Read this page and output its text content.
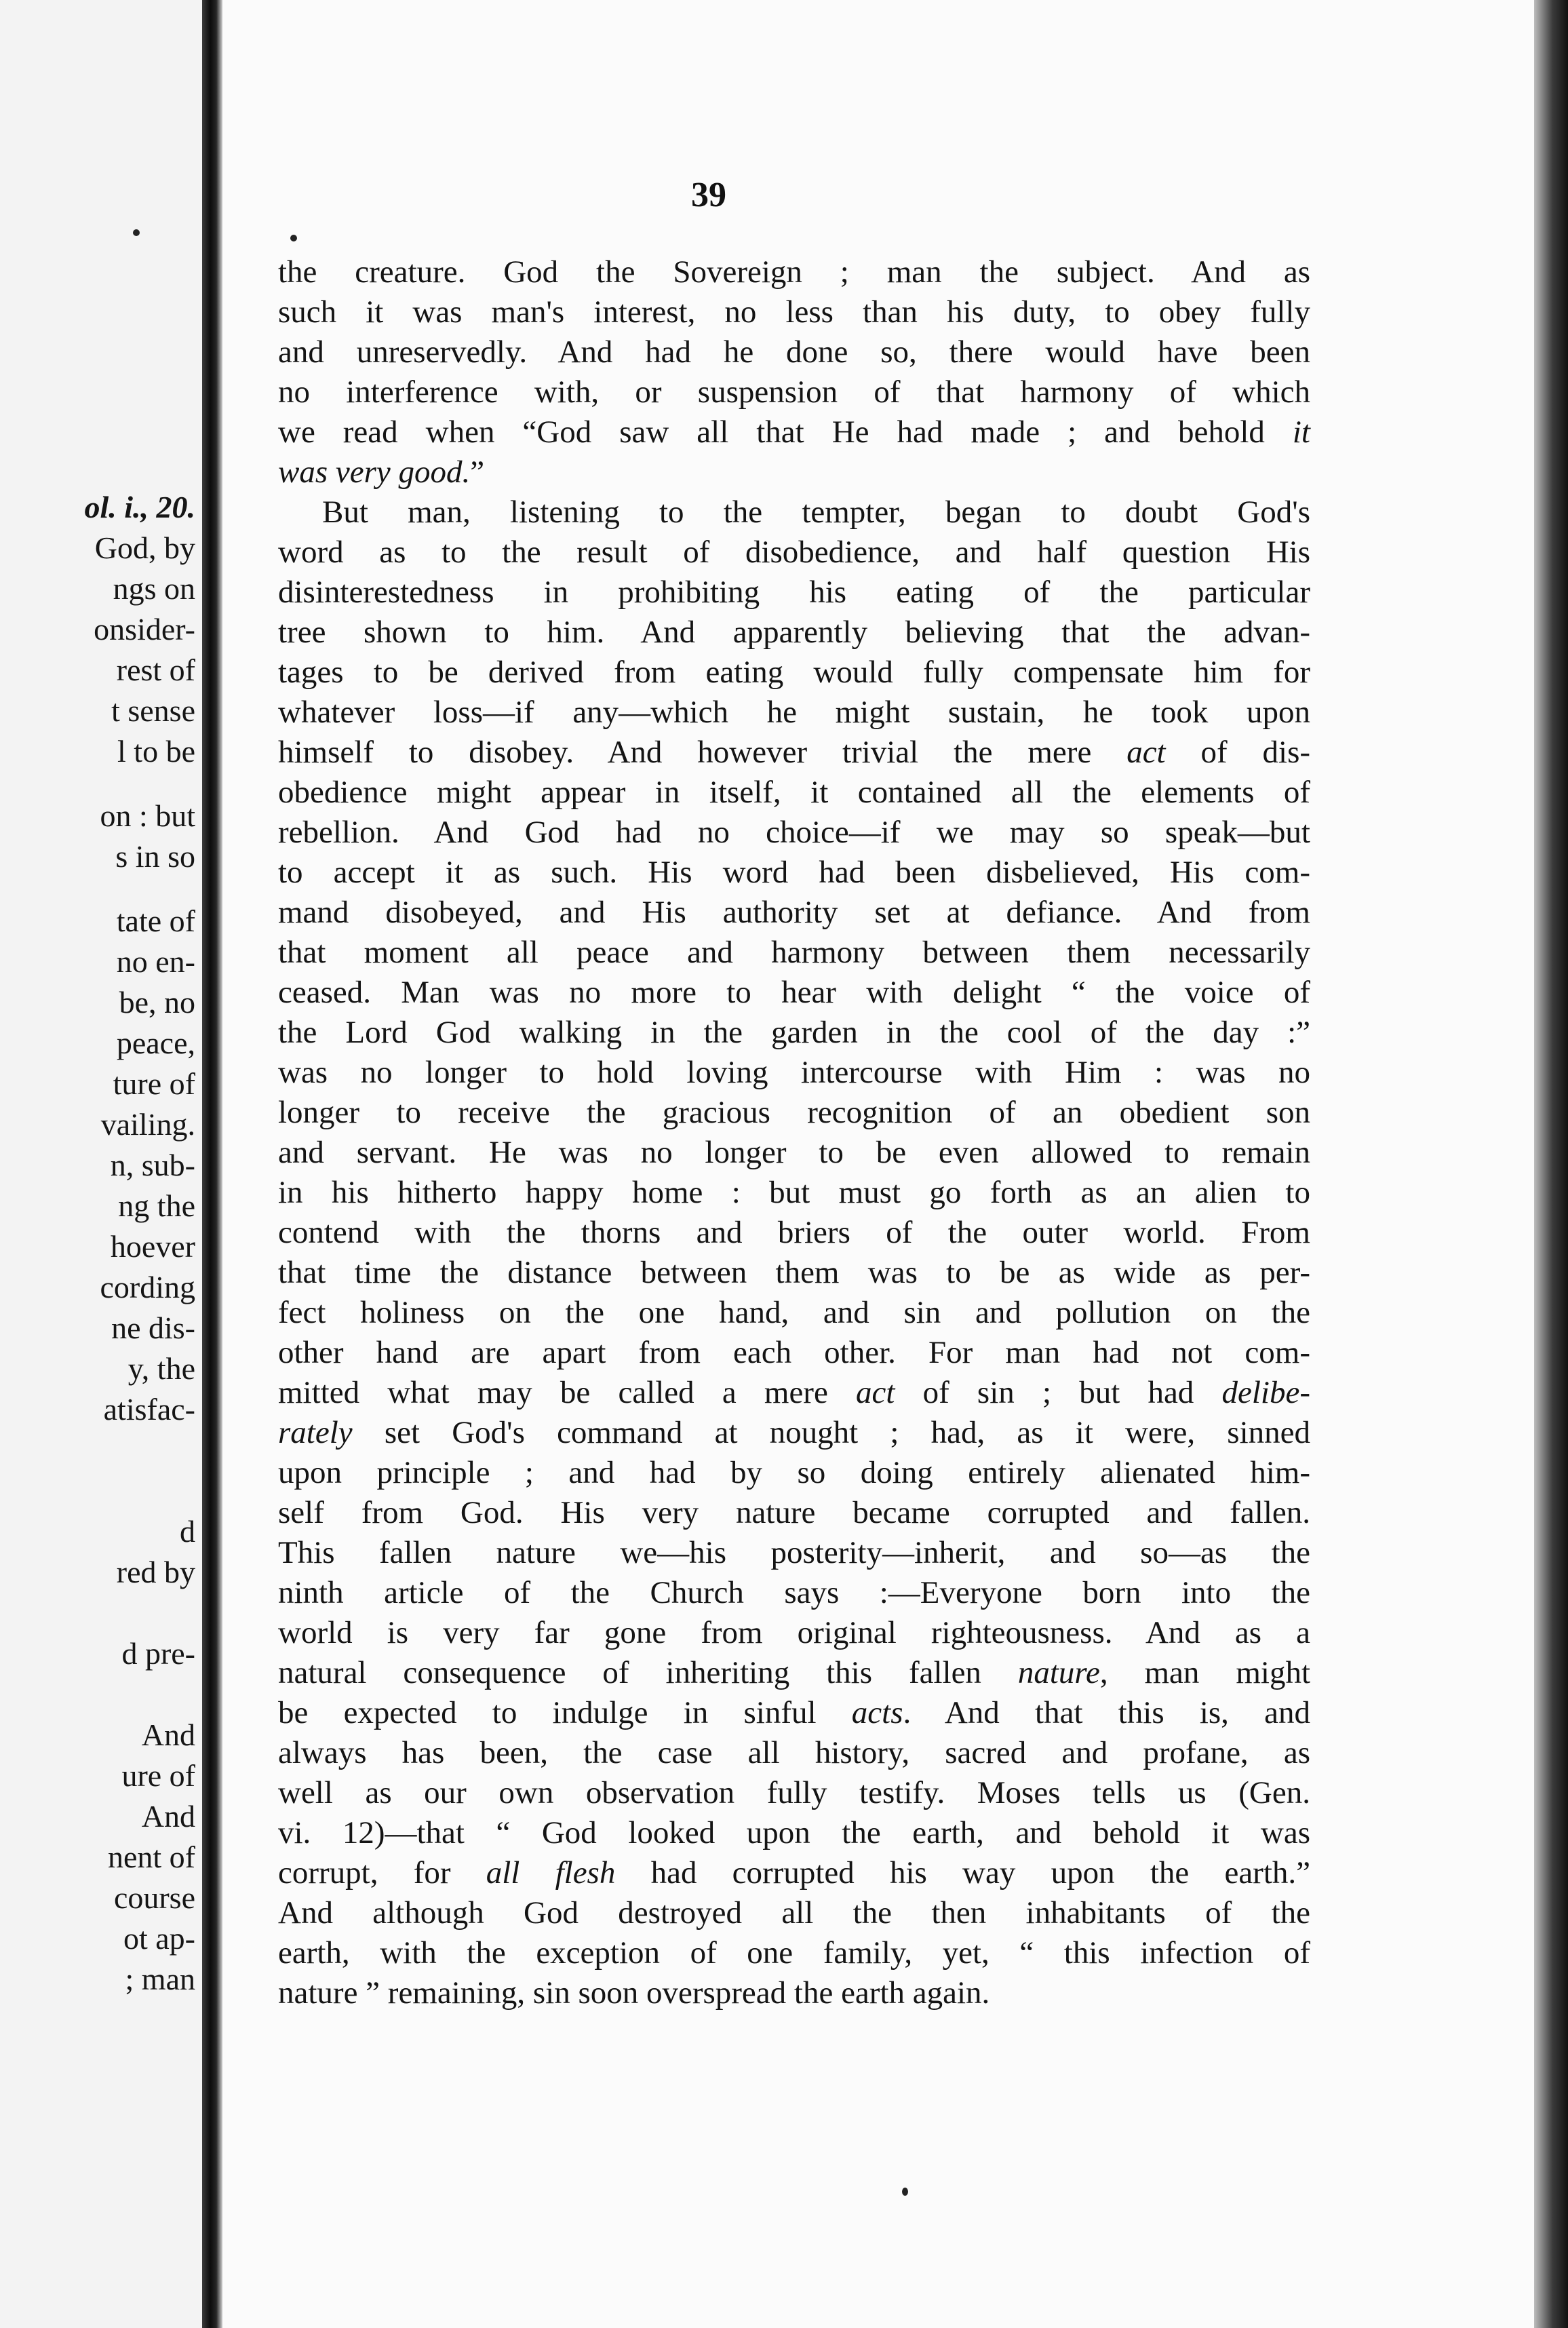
ol. i., 20.
God, by
ngs on
onsider-
rest of
t sense
l to be
on : but
s in so
tate of
no en-
be, no
peace,
ture of
vailing.
n, sub-
ng the
hoever
cording
ne dis-
y, the
atisfac-
d
red by
d pre-
And
ure of
And
nent of
course
ot ap-
; man
39
the creature. God the Sovereign ; man the subject. And as
such it was man's interest, no less than his duty, to obey fully
and unreservedly. And had he done so, there would have been
no interference with, or suspension of that harmony of which
we read when “God saw all that He had made ; and behold it
was very good.”
But man, listening to the tempter, began to doubt God's
word as to the result of disobedience, and half question His
disinterestedness in prohibiting his eating of the particular
tree shown to him. And apparently believing that the advan-
tages to be derived from eating would fully compensate him for
whatever loss—if any—which he might sustain, he took upon
himself to disobey. And however trivial the mere act of dis-
obedience might appear in itself, it contained all the elements of
rebellion. And God had no choice—if we may so speak—but
to accept it as such. His word had been disbelieved, His com-
mand disobeyed, and His authority set at defiance. And from
that moment all peace and harmony between them necessarily
ceased. Man was no more to hear with delight “ the voice of
the Lord God walking in the garden in the cool of the day :”
was no longer to hold loving intercourse with Him : was no
longer to receive the gracious recognition of an obedient son
and servant. He was no longer to be even allowed to remain
in his hitherto happy home : but must go forth as an alien to
contend with the thorns and briers of the outer world. From
that time the distance between them was to be as wide as per-
fect holiness on the one hand, and sin and pollution on the
other hand are apart from each other. For man had not com-
mitted what may be called a mere act of sin ; but had delibe-
rately set God's command at nought ; had, as it were, sinned
upon principle ; and had by so doing entirely alienated him-
self from God. His very nature became corrupted and fallen.
This fallen nature we—his posterity—inherit, and so—as the
ninth article of the Church says :—Everyone born into the
world is very far gone from original righteousness. And as a
natural consequence of inheriting this fallen nature, man might
be expected to indulge in sinful acts. And that this is, and
always has been, the case all history, sacred and profane, as
well as our own observation fully testify. Moses tells us (Gen.
vi. 12)—that “ God looked upon the earth, and behold it was
corrupt, for all flesh had corrupted his way upon the earth.”
And although God destroyed all the then inhabitants of the
earth, with the exception of one family, yet, “ this infection of
nature ” remaining, sin soon overspread the earth again.
